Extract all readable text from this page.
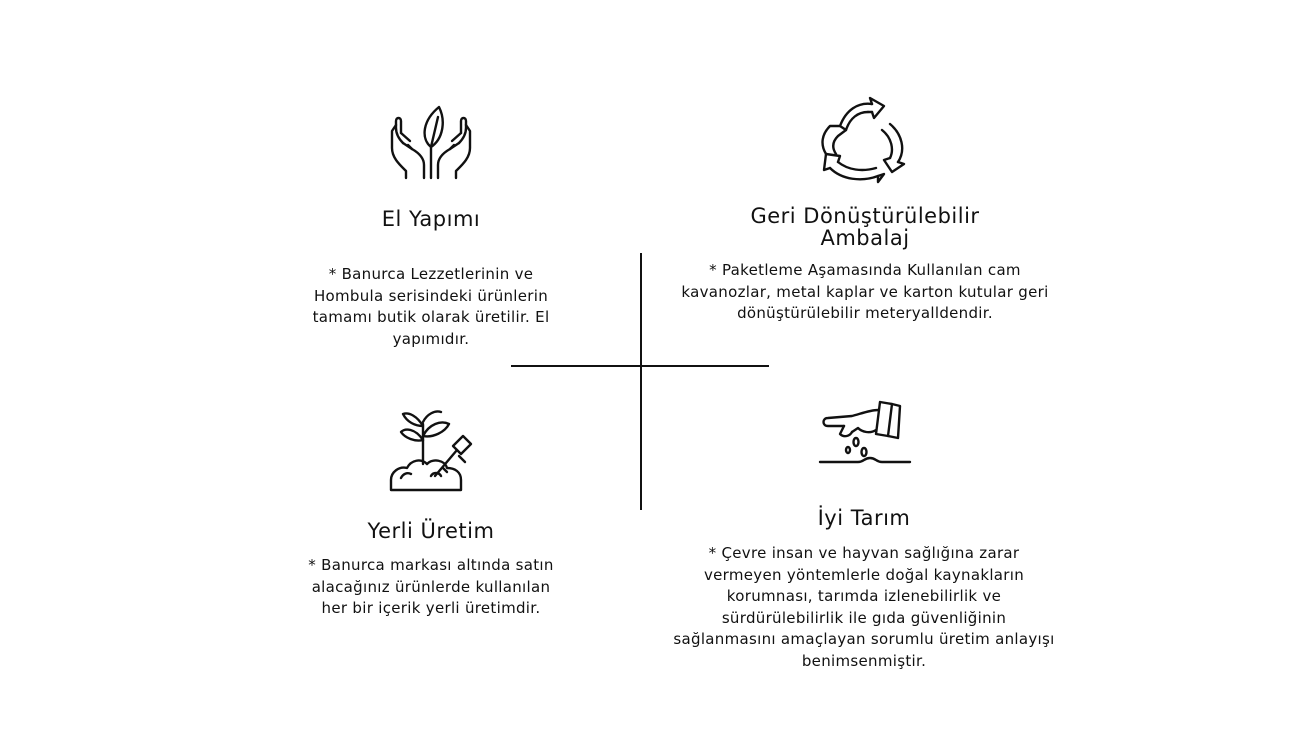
El Yapımı
* Banurca Lezzetlerinin ve Hombula serisindeki ürünlerin tamamı butik olarak üretilir. El yapımıdır.
Geri Dönüştürülebilir Ambalaj
* Paketleme Aşamasında Kullanılan cam kavanozlar, metal kaplar ve karton kutular geri dönüştürülebilir meteryalldendir.
Yerli Üretim
* Banurca markası altında satın alacağınız ürünlerde kullanılan her bir içerik yerli üretimdir.
İyi Tarım
* Çevre insan ve hayvan sağlığına zarar vermeyen yöntemlerle doğal kaynakların korumnası, tarımda izlenebilirlik ve sürdürülebilirlik ile gıda güvenliğinin sağlanmasını amaçlayan sorumlu üretim anlayışı benimsenmiştir.
